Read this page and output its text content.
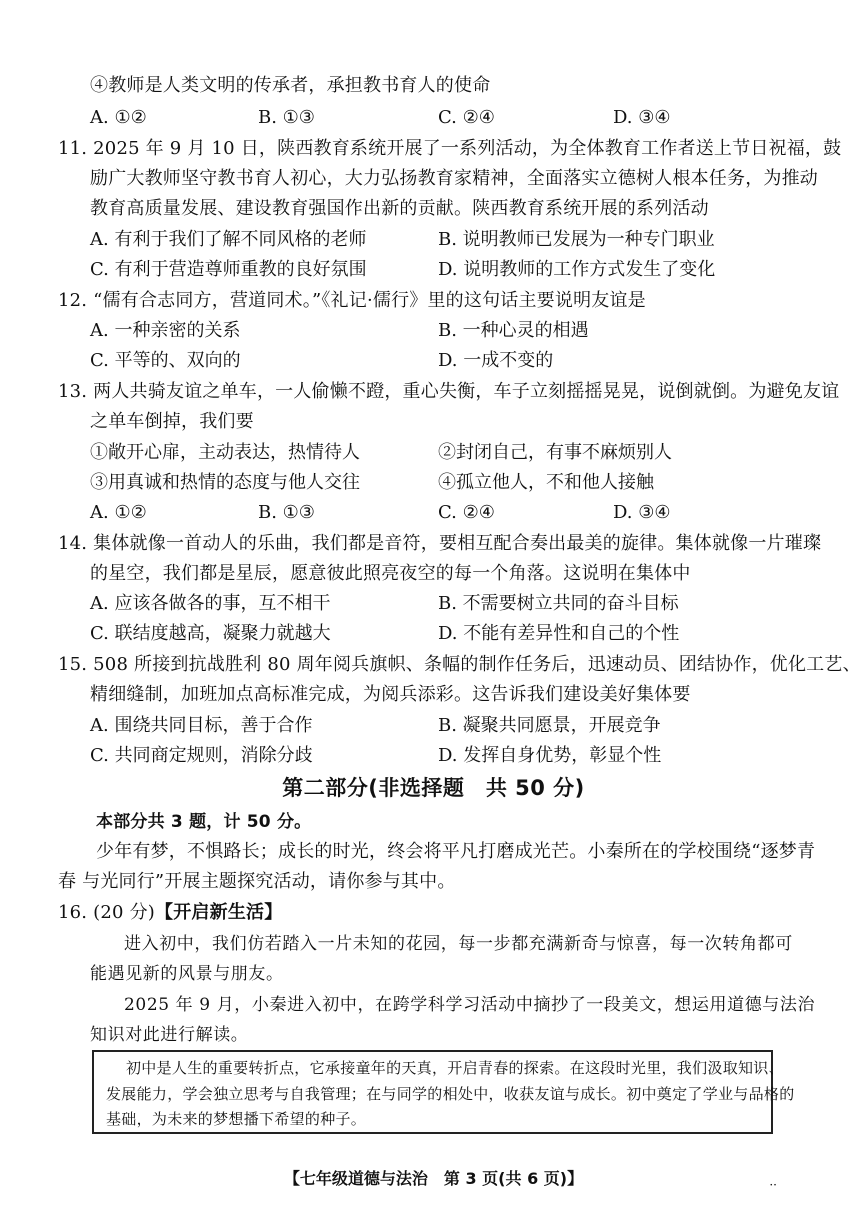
④教师是人类文明的传承者，承担教书育人的使命
A. ①②	B. ①③	C. ②④	D. ③④
11. 2025 年 9 月 10 日，陕西教育系统开展了一系列活动，为全体教育工作者送上节日祝福，鼓
励广大教师坚守教书育人初心，大力弘扬教育家精神，全面落实立德树人根本任务，为推动
教育高质量发展、建设教育强国作出新的贡献。陕西教育系统开展的系列活动
A. 有利于我们了解不同风格的老师	B. 说明教师已发展为一种专门职业
C. 有利于营造尊师重教的良好氛围	D. 说明教师的工作方式发生了变化
12. “儒有合志同方，营道同术。”《礼记·儒行》里的这句话主要说明友谊是
A. 一种亲密的关系	B. 一种心灵的相遇
C. 平等的、双向的	D. 一成不变的
13. 两人共骑友谊之单车，一人偷懒不蹬，重心失衡，车子立刻摇摇晃晃，说倒就倒。为避免友谊
之单车倒掉，我们要
①敞开心扉，主动表达，热情待人	②封闭自己，有事不麻烦别人
③用真诚和热情的态度与他人交往	④孤立他人，不和他人接触
A. ①②	B. ①③	C. ②④	D. ③④
14. 集体就像一首动人的乐曲，我们都是音符，要相互配合奏出最美的旋律。集体就像一片璀璨
的星空，我们都是星辰，愿意彼此照亮夜空的每一个角落。这说明在集体中
A. 应该各做各的事，互不相干	B. 不需要树立共同的奋斗目标
C. 联结度越高，凝聚力就越大	D. 不能有差异性和自己的个性
15. 508 所接到抗战胜利 80 周年阅兵旗帜、条幅的制作任务后，迅速动员、团结协作，优化工艺、
精细缝制，加班加点高标准完成，为阅兵添彩。这告诉我们建设美好集体要
A. 围绕共同目标，善于合作	B. 凝聚共同愿景，开展竞争
C. 共同商定规则，消除分歧	D. 发挥自身优势，彰显个性
第二部分(非选择题　共 50 分)
本部分共 3 题，计 50 分。
少年有梦，不惧路长；成长的时光，终会将平凡打磨成光芒。小秦所在的学校围绕“逐梦青
春 与光同行”开展主题探究活动，请你参与其中。
16. (20 分)【开启新生活】
进入初中，我们仿若踏入一片未知的花园，每一步都充满新奇与惊喜，每一次转角都可
能遇见新的风景与朋友。
2025 年 9 月，小秦进入初中，在跨学科学习活动中摘抄了一段美文，想运用道德与法治
知识对此进行解读。
初中是人生的重要转折点，它承接童年的天真，开启青春的探索。在这段时光里，我们汲取知识、
发展能力，学会独立思考与自我管理；在与同学的相处中，收获友谊与成长。初中奠定了学业与品格的
基础，为未来的梦想播下希望的种子。
【七年级道德与法治　第 3 页(共 6 页)】	··
